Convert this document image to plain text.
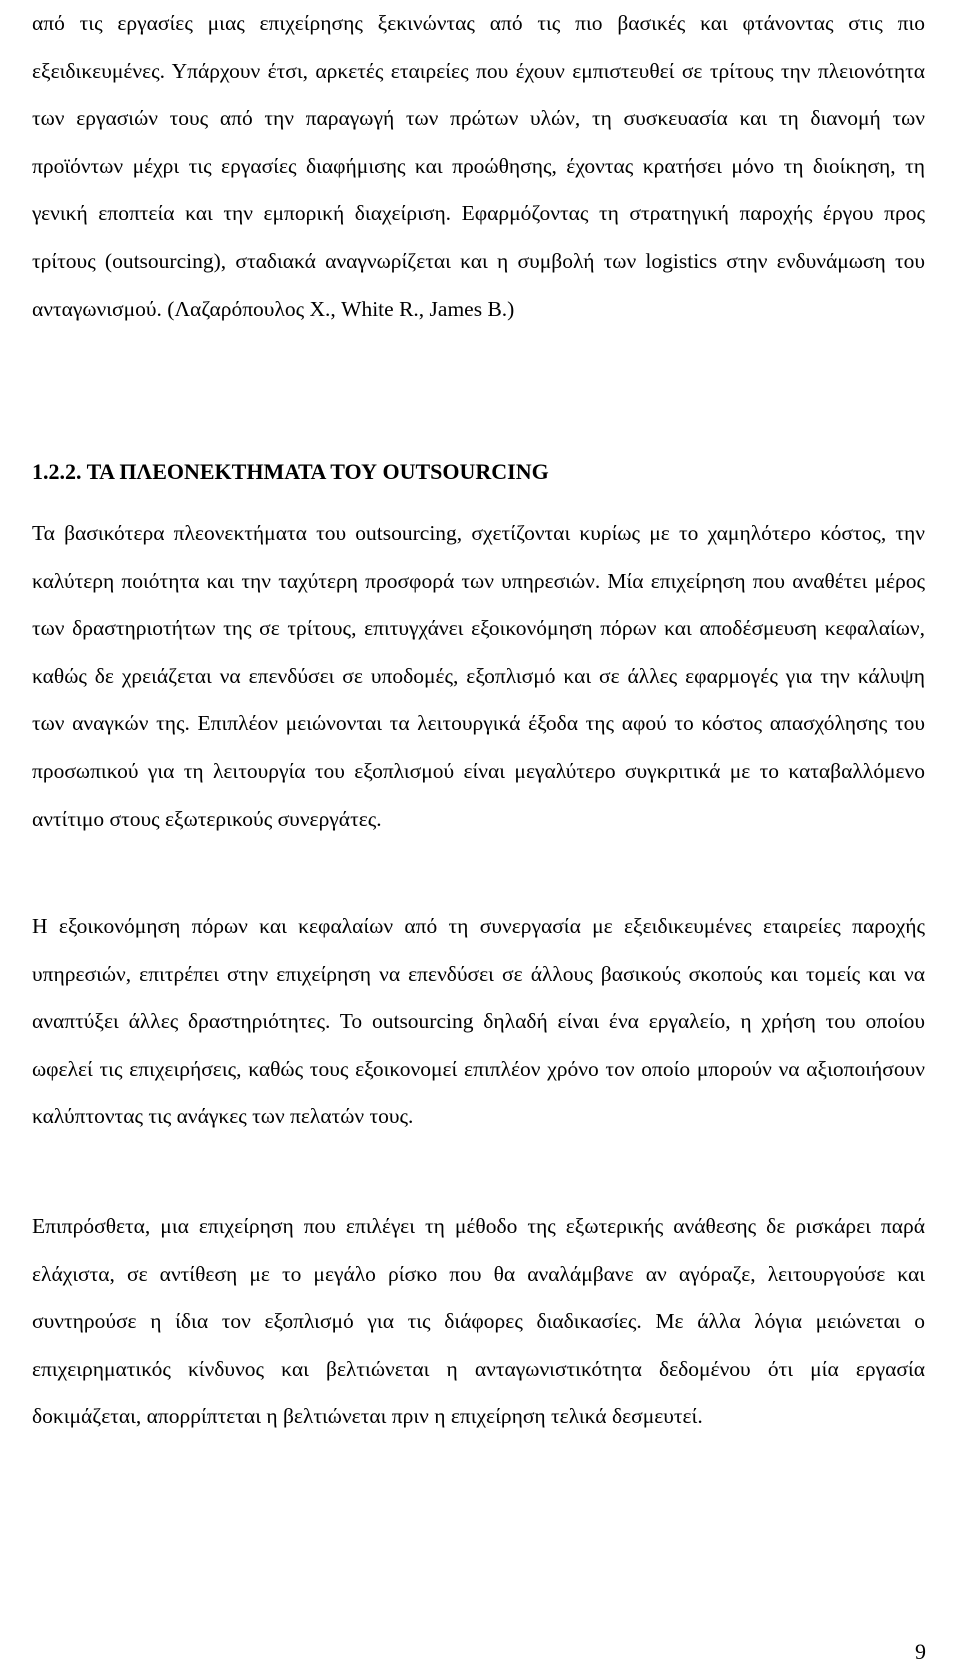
από τις εργασίες μιας επιχείρησης ξεκινώντας από τις πιο βασικές και φτάνοντας στις πιο εξειδικευμένες. Υπάρχουν έτσι, αρκετές εταιρείες που έχουν εμπιστευθεί σε τρίτους την πλειονότητα των εργασιών τους από την παραγωγή των πρώτων υλών, τη συσκευασία και τη διανομή των προϊόντων μέχρι τις εργασίες διαφήμισης και προώθησης, έχοντας κρατήσει μόνο τη διοίκηση, τη γενική εποπτεία και την εμπορική διαχείριση. Εφαρμόζοντας τη στρατηγική παροχής έργου προς τρίτους (outsourcing), σταδιακά αναγνωρίζεται και η συμβολή των logistics στην ενδυνάμωση του ανταγωνισμού. (Λαζαρόπουλος Χ., White R., James B.)

1.2.2. ΤΑ ΠΛΕΟΝΕΚΤΗΜΑΤΑ ΤΟΥ OUTSOURCING

Τα βασικότερα πλεονεκτήματα του outsourcing, σχετίζονται κυρίως με το χαμηλότερο κόστος, την καλύτερη ποιότητα και την ταχύτερη προσφορά των υπηρεσιών. Μία επιχείρηση που αναθέτει μέρος των δραστηριοτήτων της σε τρίτους, επιτυγχάνει εξοικονόμηση πόρων και αποδέσμευση κεφαλαίων, καθώς δε χρειάζεται να επενδύσει σε υποδομές, εξοπλισμό και σε άλλες εφαρμογές για την κάλυψη των αναγκών της. Επιπλέον μειώνονται τα λειτουργικά έξοδα της αφού το κόστος απασχόλησης του προσωπικού για τη λειτουργία του εξοπλισμού είναι μεγαλύτερο συγκριτικά με το καταβαλλόμενο αντίτιμο στους εξωτερικούς συνεργάτες.

Η εξοικονόμηση πόρων και κεφαλαίων από τη συνεργασία με εξειδικευμένες εταιρείες παροχής υπηρεσιών, επιτρέπει στην επιχείρηση να επενδύσει σε άλλους βασικούς σκοπούς και τομείς και να αναπτύξει άλλες δραστηριότητες. Το outsourcing δηλαδή είναι ένα εργαλείο, η χρήση του οποίου ωφελεί τις επιχειρήσεις, καθώς τους εξοικονομεί επιπλέον χρόνο τον οποίο μπορούν να αξιοποιήσουν καλύπτοντας τις ανάγκες των πελατών τους.

Επιπρόσθετα, μια επιχείρηση που επιλέγει τη μέθοδο της εξωτερικής ανάθεσης δε ρισκάρει παρά ελάχιστα, σε αντίθεση με το μεγάλο ρίσκο που θα αναλάμβανε αν αγόραζε, λειτουργούσε και συντηρούσε η ίδια τον εξοπλισμό για τις διάφορες διαδικασίες. Με άλλα λόγια μειώνεται ο επιχειρηματικός κίνδυνος και βελτιώνεται η ανταγωνιστικότητα δεδομένου ότι μία εργασία δοκιμάζεται, απορρίπτεται η βελτιώνεται πριν η επιχείρηση τελικά δεσμευτεί.

9
